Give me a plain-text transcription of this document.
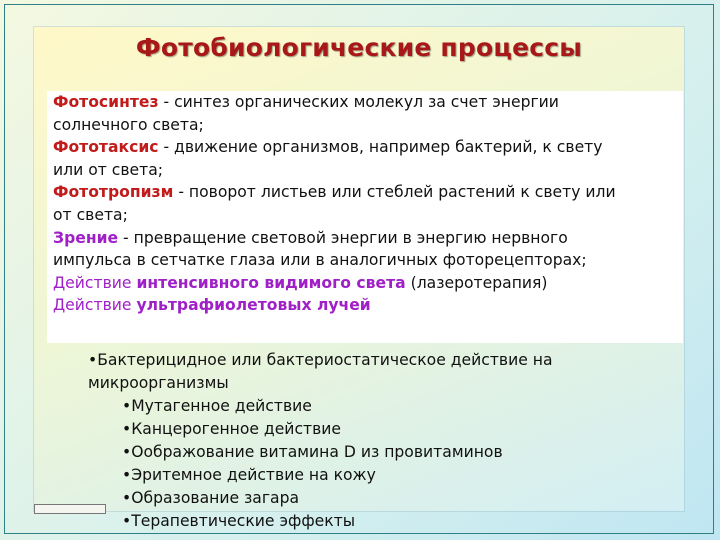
Фотобиологические процессы

Фотосинтез - синтез органических молекул за счет энергии

солнечного света;

Фототаксис - движение организмов, например бактерий, к свету

или от света;

Фототропизм - поворот листьев или стеблей растений к свету или

от света;

Зрение - превращение световой энергии в энергию нервного

импульса в сетчатке глаза или в аналогичных фоторецепторах;

Действие интенсивного видимого света (лазеротерапия)

Действие ультрафиолетовых лучей

•Бактерицидное или бактериостатическое действие на
микроорганизмы
•Мутагенное действие
•Канцерогенное действие
•Оображование витамина D из провитаминов
•Эритемное действие на кожу
•Образование загара
•Терапевтические эффекты
